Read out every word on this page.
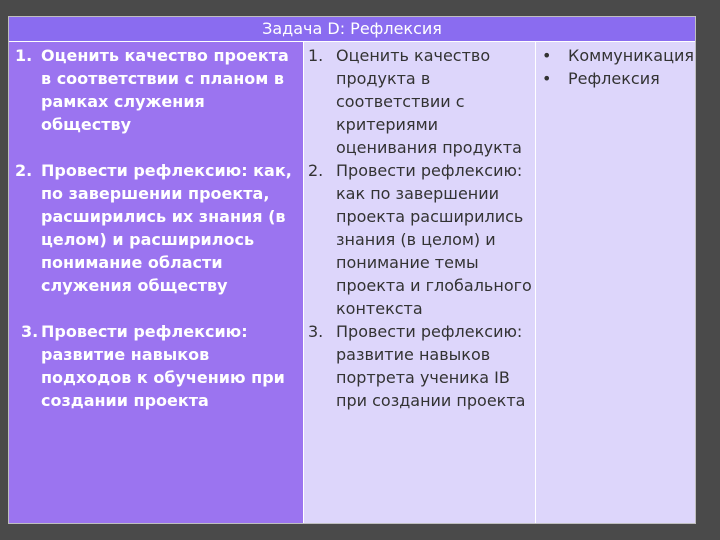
Задача D: Рефлексия
1. Оценить качество проекта
в соответствии с планом в
рамках служения
обществу
2. Провести рефлексию: как,
по завершении проекта,
расширились их знания (в
целом) и расширилось
понимание области
служения обществу
3. Провести рефлексию:
развитие навыков
подходов к обучению при
создании проекта
1. Оценить качество
продукта в
соответствии с
критериями
оценивания продукта
2. Провести рефлексию:
как по завершении
проекта расширились
знания (в целом) и
понимание темы
проекта и глобального
контекста
3. Провести рефлексию:
развитие навыков
портрета ученика IB
при создании проекта
• Коммуникация
• Рефлексия
